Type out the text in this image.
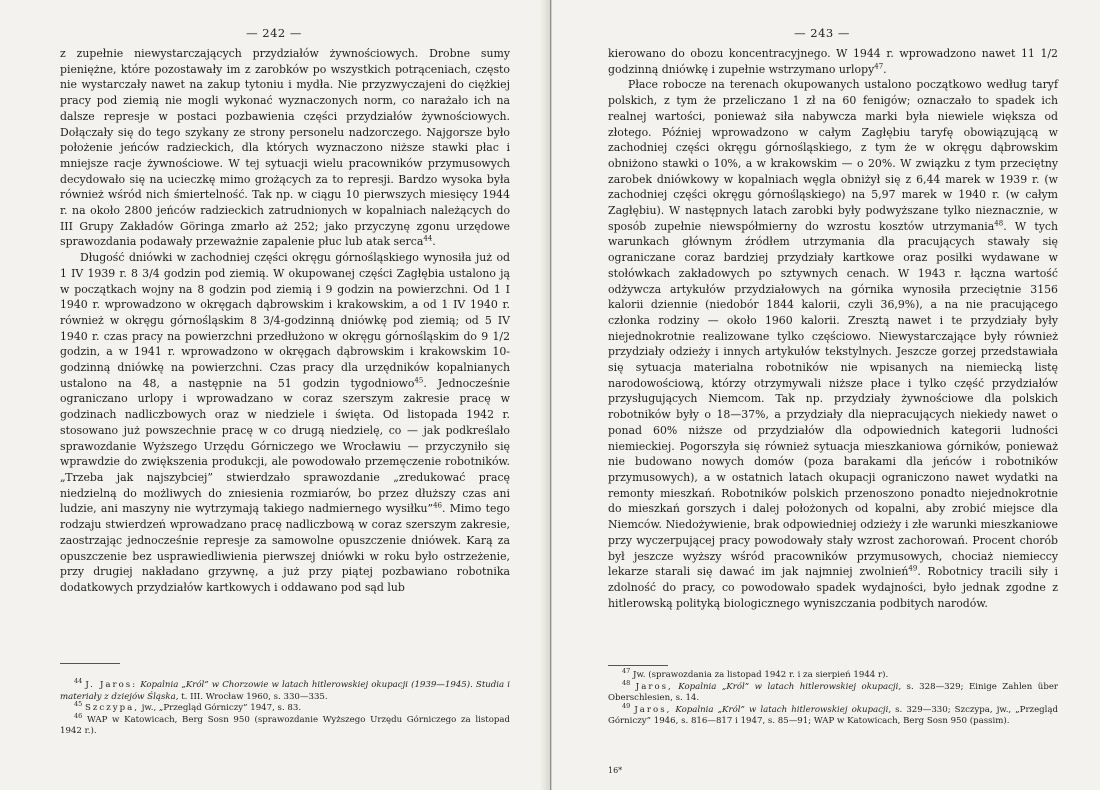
— 242 —

z zupełnie niewystarczających przydziałów żywnościowych. Drobne sumy pieniężne, które pozostawały im z zarobków po wszystkich potrąceniach, często nie wystarczały nawet na zakup tytoniu i mydła. Nie przyzwyczajeni do ciężkiej pracy pod ziemią nie mogli wykonać wyznaczonych norm, co narażało ich na dalsze represje w postaci pozbawienia części przydziałów żywnościowych. Dołączały się do tego szykany ze strony personelu nadzorczego. Najgorsze było położenie jeńców radzieckich, dla których wyznaczono niższe stawki płac i mniejsze racje żywnościowe. W tej sytuacji wielu pracowników przymusowych decydowało się na ucieczkę mimo grożących za to represji. Bardzo wysoka była również wśród nich śmiertelność. Tak np. w ciągu 10 pierwszych miesięcy 1944 r. na około 2800 jeńców radzieckich zatrudnionych w kopalniach należących do III Grupy Zakładów Göringa zmarło aż 252; jako przyczynę zgonu urzędowe sprawozdania podawały przeważnie zapalenie płuc lub atak serca$^{44}$.

Długość dniówki w zachodniej części okręgu górnośląskiego wynosiła już od 1 IV 1939 r. 8 3/4 godzin pod ziemią. W okupowanej części Zagłębia ustalono ją w początkach wojny na 8 godzin pod ziemią i 9 godzin na powierzchni. Od 1 I 1940 r. wprowadzono w okręgach dąbrowskim i krakowskim, a od 1 IV 1940 r. również w okręgu górnośląskim 8 3/4-godzinną dniówkę pod ziemią; od 5 IV 1940 r. czas pracy na powierzchni przedłużono w okręgu górnośląskim do 9 1/2 godzin, a w 1941 r. wprowadzono w okręgach dąbrowskim i krakowskim 10-godzinną dniówkę na powierzchni. Czas pracy dla urzędników kopalnianych ustalono na 48, a następnie na 51 godzin tygodniowo$^{45}$. Jednocześnie ograniczano urlopy i wprowadzano w coraz szerszym zakresie pracę w godzinach nadliczbowych oraz w niedziele i święta. Od listopada 1942 r. stosowano już powszechnie pracę w co drugą niedzielę, co — jak podkreślało sprawozdanie Wyższego Urzędu Górniczego we Wrocławiu — przyczyniło się wprawdzie do zwiększenia produkcji, ale powodowało przemęczenie robotników. „Trzeba jak najszybciej” stwierdzało sprawozdanie „zredukować pracę niedzielną do możliwych do zniesienia rozmiarów, bo przez dłuższy czas ani ludzie, ani maszyny nie wytrzymają takiego nadmiernego wysiłku”$^{46}$. Mimo tego rodzaju stwierdzeń wprowadzano pracę nadliczbową w coraz szerszym zakresie, zaostrzając jednocześnie represje za samowolne opuszczenie dniówek. Karą za opuszczenie bez usprawiedliwienia pierwszej dniówki w roku było ostrzeżenie, przy drugiej nakładano grzywnę, a już przy piątej pozbawiano robotnika dodatkowych przydziałów kartkowych i oddawano pod sąd lub

$^{44}$ J. Jaros: Kopalnia „Król” w Chorzowie w latach hitlerowskiej okupacji (1939—1945). Studia i materiały z dziejów Śląska, t. III. Wrocław 1960, s. 330—335.
$^{45}$ Szczypa, jw., „Przegląd Górniczy” 1947, s. 83.
$^{46}$ WAP w Katowicach, Berg Sosn 950 (sprawozdanie Wyższego Urzędu Górniczego za listopad 1942 r.).
— 243 —

kierowano do obozu koncentracyjnego. W 1944 r. wprowadzono nawet 11 1/2 godzinną dniówkę i zupełnie wstrzymano urlopy$^{47}$.

Płace robocze na terenach okupowanych ustalono początkowo według taryf polskich, z tym że przeliczano 1 zł na 60 fenigów; oznaczało to spadek ich realnej wartości, ponieważ siła nabywcza marki była niewiele większa od złotego. Później wprowadzono w całym Zagłębiu taryfę obowiązującą w zachodniej części okręgu górnośląskiego, z tym że w okręgu dąbrowskim obniżono stawki o 10%, a w krakowskim — o 20%. W związku z tym przeciętny zarobek dniówkowy w kopalniach węgla obniżył się z 6,44 marek w 1939 r. (w zachodniej części okręgu górnośląskiego) na 5,97 marek w 1940 r. (w całym Zagłębiu). W następnych latach zarobki były podwyższane tylko nieznacznie, w sposób zupełnie niewspółmierny do wzrostu kosztów utrzymania$^{48}$. W tych warunkach głównym źródłem utrzymania dla pracujących stawały się ograniczane coraz bardziej przydziały kartkowe oraz posiłki wydawane w stołówkach zakładowych po sztywnych cenach. W 1943 r. łączna wartość odżywcza artykułów przydziałowych na górnika wynosiła przeciętnie 3156 kalorii dziennie (niedobór 1844 kalorii, czyli 36,9%), a na nie pracującego członka rodziny — około 1960 kalorii. Zresztą nawet i te przydziały były niejednokrotnie realizowane tylko częściowo. Niewystarczające były również przydziały odzieży i innych artykułów tekstylnych. Jeszcze gorzej przedstawiała się sytuacja materialna robotników nie wpisanych na niemiecką listę narodowościową, którzy otrzymywali niższe płace i tylko część przydziałów przysługujących Niemcom. Tak np. przydziały żywnościowe dla polskich robotników były o 18—37%, a przydziały dla niepracujących niekiedy nawet o ponad 60% niższe od przydziałów dla odpowiednich kategorii ludności niemieckiej. Pogorszyła się również sytuacja mieszkaniowa górników, ponieważ nie budowano nowych domów (poza barakami dla jeńców i robotników przymusowych), a w ostatnich latach okupacji ograniczono nawet wydatki na remonty mieszkań. Robotników polskich przenoszono ponadto niejednokrotnie do mieszkań gorszych i dalej położonych od kopalni, aby zrobić miejsce dla Niemców. Niedożywienie, brak odpowiedniej odzieży i złe warunki mieszkaniowe przy wyczerpującej pracy powodowały stały wzrost zachorowań. Procent chorób był jeszcze wyższy wśród pracowników przymusowych, chociaż niemieccy lekarze starali się dawać im jak najmniej zwolnień$^{49}$. Robotnicy tracili siły i zdolność do pracy, co powodowało spadek wydajności, było jednak zgodne z hitlerowską polityką biologicznego wyniszczania podbitych narodów.

$^{47}$ Jw. (sprawozdania za listopad 1942 r. i za sierpień 1944 r).
$^{48}$ Jaros, Kopalnia „Król” w latach hitlerowskiej okupacji, s. 328—329; Einige Zahlen über Oberschlesien, s. 14.
$^{49}$ Jaros, Kopalnia „Król” w latach hitlerowskiej okupacji, s. 329—330; Szczypa, jw., „Przegląd Górniczy” 1946, s. 816—817 i 1947, s. 85—91; WAP w Katowicach, Berg Sosn 950 (passim).
16*
